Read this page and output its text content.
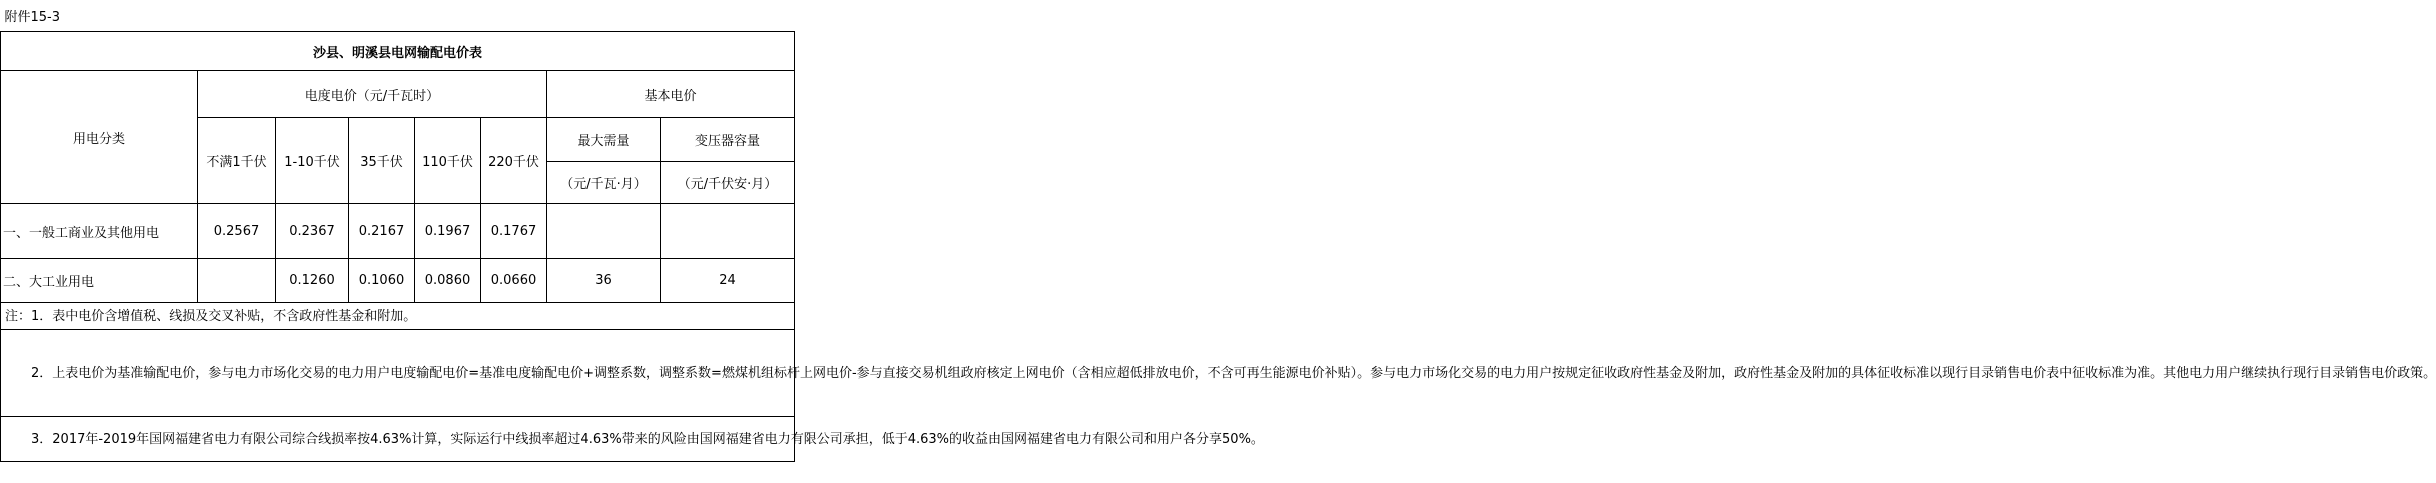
附件15-3							
沙县、明溪县电网输配电价表							
用电分类	电度电价（元/千瓦时）					基本电价	
	不满1千伏	1-10千伏	35千伏	110千伏	220千伏	最大需量	变压器容量
						（元/千瓦·月）	（元/千伏安·月）
一、一般工商业及其他用电	0.2567	0.2367	0.2167	0.1967	0.1767		
二、大工业用电		0.1260	0.1060	0.0860	0.0660	36	24
注：1．表中电价含增值税、线损及交叉补贴，不含政府性基金和附加。							
2．上表电价为基准输配电价，参与电力市场化交易的电力用户电度输配电价=基准电度输配电价+调整系数，调整系数=燃煤机组标杆上网电价-参与直接交易机组政府核定上网电价（含相应超低排放电价，不含可再生能源电价补贴）。参与电力市场化交易的电力用户按规定征收政府性基金及附加，政府性基金及附加的具体征收标准以现行目录销售电价表中征收标准为准。其他电力用户继续执行现行目录销售电价政策。							
3．2017年-2019年国网福建省电力有限公司综合线损率按4.63%计算，实际运行中线损率超过4.63%带来的风险由国网福建省电力有限公司承担，低于4.63%的收益由国网福建省电力有限公司和用户各分享50%。							
